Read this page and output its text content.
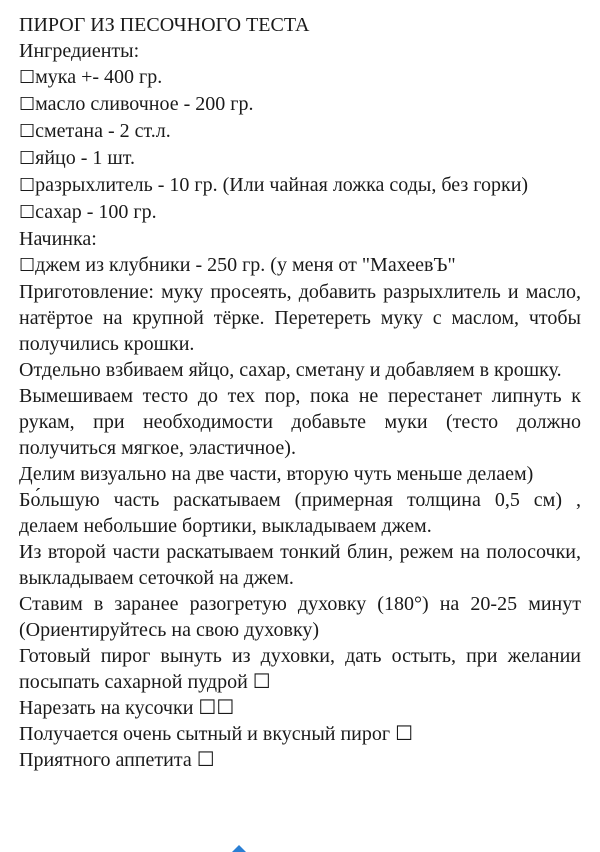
ПИРОГ ИЗ ПЕСОЧНОГО ТЕСТА

Ингредиенты:

☐мука +- 400 гр.

☐масло сливочное - 200 гр.

☐сметана - 2 ст.л.

☐яйцо - 1 шт.

☐разрыхлитель - 10 гр. (Или чайная ложка соды, без горки)

☐сахар - 100 гр.

Начинка:

☐джем из клубники - 250 гр. (у меня от "МахеевЪ"

Приготовление: муку просеять, добавить разрыхлитель и масло, натёртое на крупной тёрке. Перетереть муку с маслом, чтобы получились крошки.

Отдельно взбиваем яйцо, сахар, сметану и добавляем в крошку.

Вымешиваем тесто до тех пор, пока не перестанет липнуть к рукам, при необходимости добавьте муки (тесто должно получиться мягкое, эластичное).

Делим визуально на две части, вторую чуть меньше делаем)

Бо́льшую часть раскатываем (примерная толщина 0,5 см) , делаем небольшие бортики, выкладываем джем.

Из второй части раскатываем тонкий блин, режем на полосочки, выкладываем сеточкой на джем.

Ставим в заранее разогретую духовку (180°) на 20-25 минут (Ориентируйтесь на свою духовку)

Готовый пирог вынуть из духовки, дать остыть, при желании посыпать сахарной пудрой ☐

Нарезать на кусочки ☐☐

Получается очень сытный и вкусный пирог ☐

Приятного аппетита ☐
